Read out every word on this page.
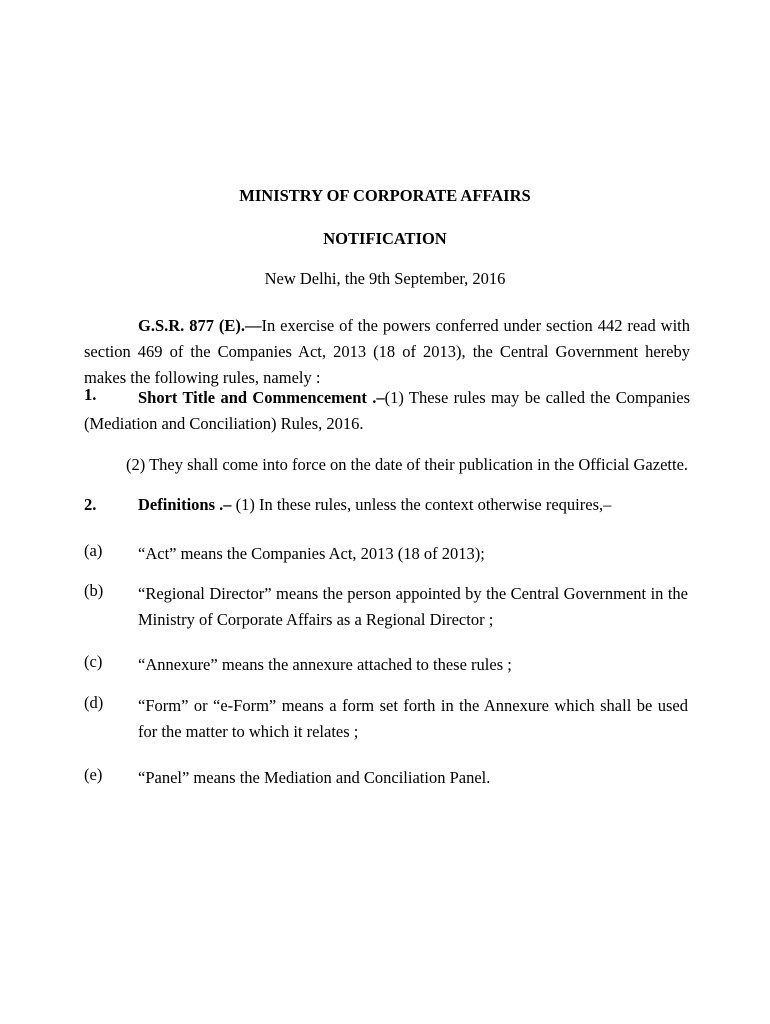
MINISTRY OF CORPORATE AFFAIRS
NOTIFICATION
New Delhi, the 9th September, 2016
G.S.R. 877 (E).—In exercise of the powers conferred under section 442 read with section 469 of the Companies Act, 2013 (18 of 2013), the Central Government hereby makes the following rules, namely :
1.	Short Title and Commencement .–(1) These rules may be called the Companies (Mediation and Conciliation) Rules, 2016.
(2) They shall come into force on the date of their publication in the Official Gazette.
2.	Definitions .– (1) In these rules, unless the context otherwise requires,–
(a) “Act” means the Companies Act, 2013 (18 of 2013);
(b) “Regional Director” means the person appointed by the Central Government in the Ministry of Corporate Affairs as a Regional Director ;
(c) “Annexure” means the annexure attached to these rules ;
(d) “Form” or “e-Form” means a form set forth in the Annexure which shall be used for the matter to which it relates ;
(e) “Panel” means the Mediation and Conciliation Panel.
